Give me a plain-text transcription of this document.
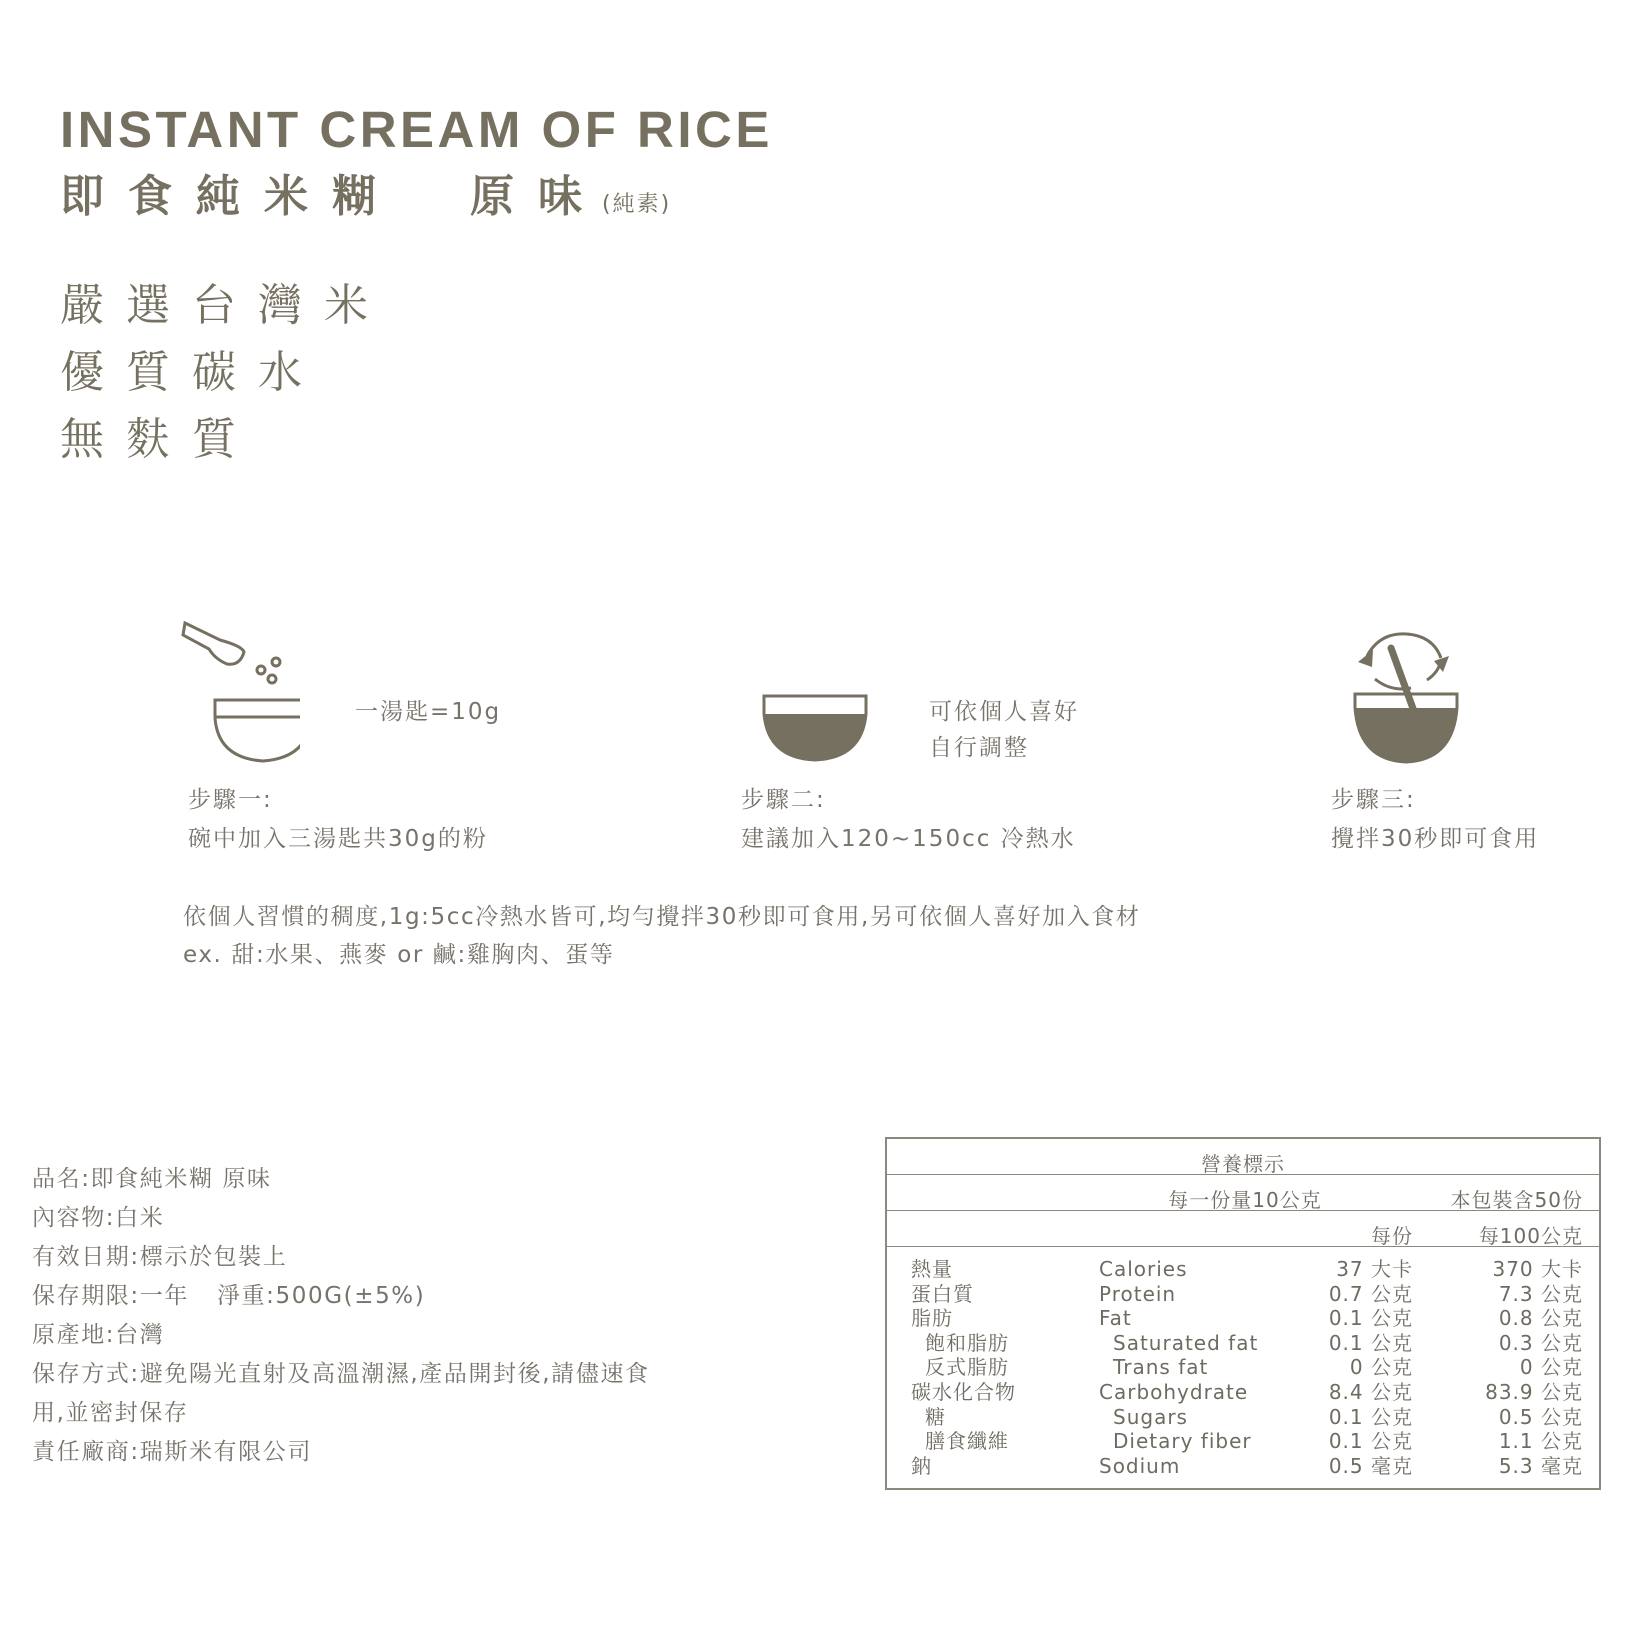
INSTANT CREAM OF RICE
即食純米糊 原味(純素)
嚴選台灣米
優質碳水
無麩質
一湯匙=10g	可依個人喜好
自行調整
步驟一:
碗中加入三湯匙共30g的粉
步驟二:
建議加入120~150cc 冷熱水
步驟三:
攪拌30秒即可食用
依個人習慣的稠度,1g:5cc冷熱水皆可,均勻攪拌30秒即可食用,另可依個人喜好加入食材
ex. 甜:水果、燕麥 or 鹹:雞胸肉、蛋等
品名:即食純米糊 原味
內容物:白米
有效日期:標示於包裝上
保存期限:一年 淨重:500G(±5%)
原產地:台灣
保存方式:避免陽光直射及高溫潮濕,產品開封後,請儘速食
用,並密封保存
責任廠商:瑞斯米有限公司
營養標示
每一份量10公克	本包裝含50份
每份	每100公克
熱量	Calories	37 大卡	370 大卡
蛋白質	Protein	0.7 公克	7.3 公克
脂肪	Fat	0.1 公克	0.8 公克
飽和脂肪	Saturated fat	0.1 公克	0.3 公克
反式脂肪	Trans fat	0 公克	0 公克
碳水化合物	Carbohydrate	8.4 公克	83.9 公克
糖	Sugars	0.1 公克	0.5 公克
膳食纖維	Dietary fiber	0.1 公克	1.1 公克
鈉	Sodium	0.5 毫克	5.3 毫克
